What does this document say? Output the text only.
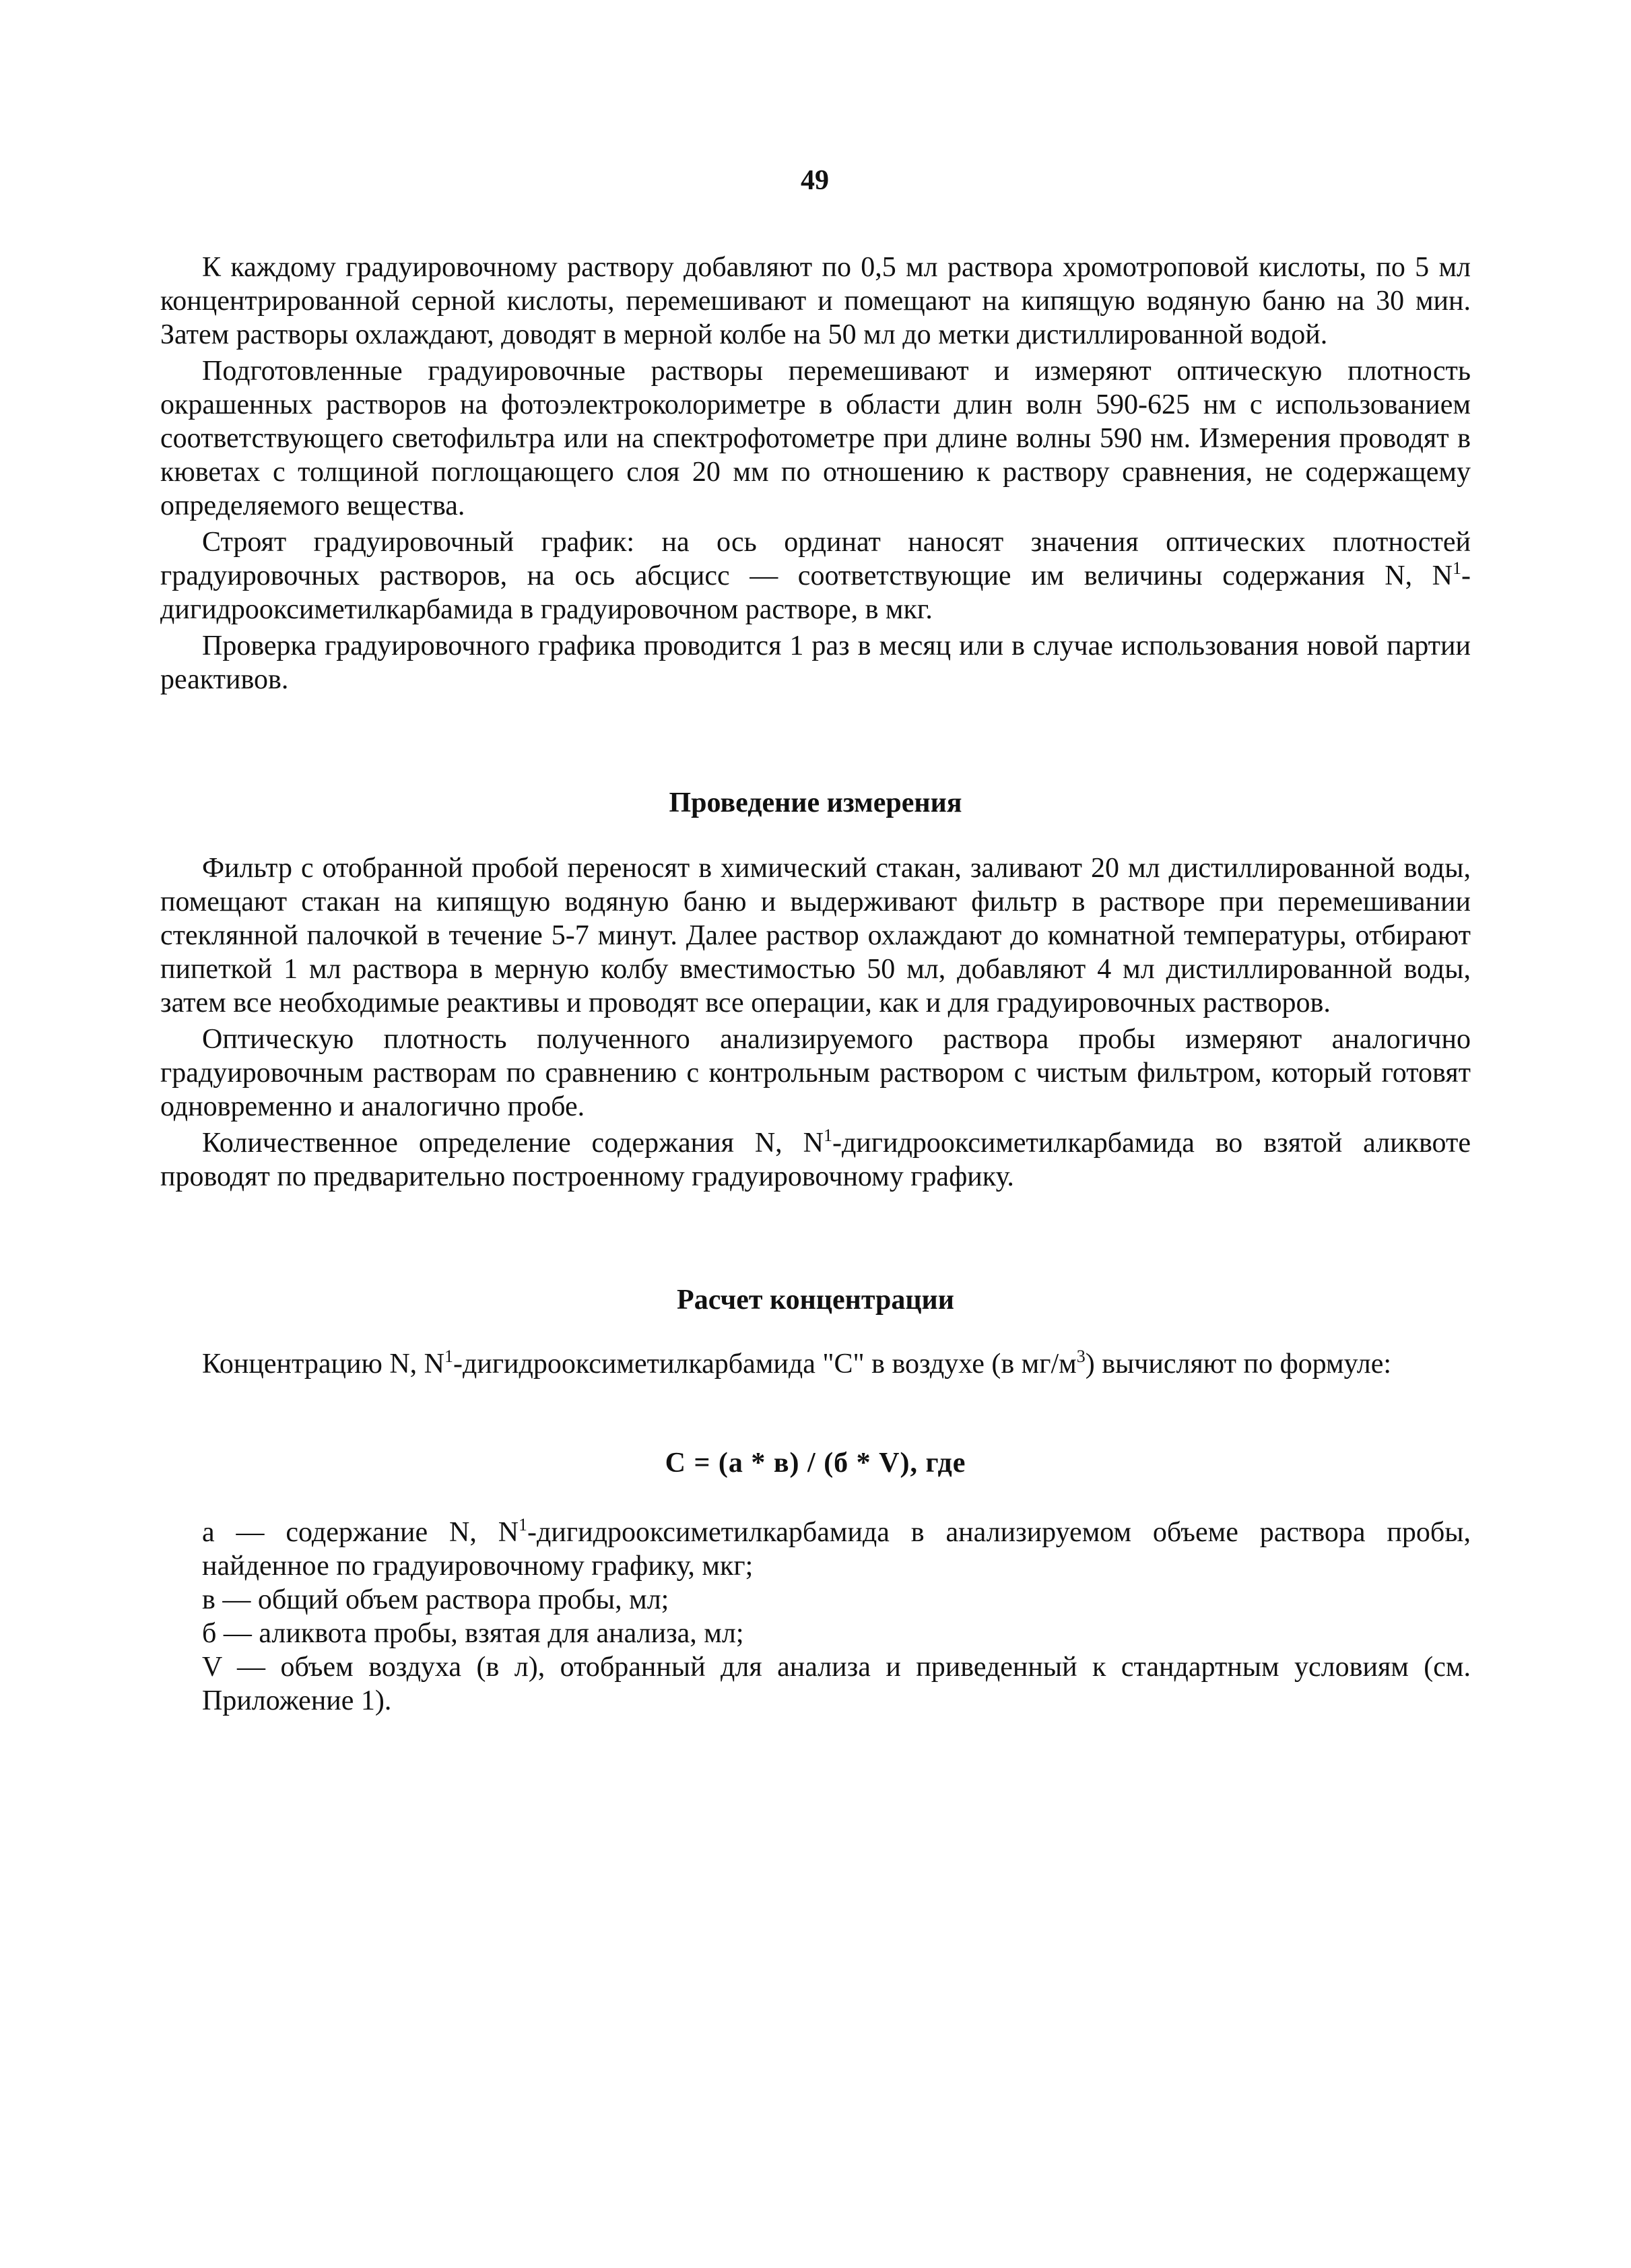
49

К каждому градуировочному раствору добавляют по 0,5 мл раствора хромотроповой кислоты, по 5 мл концентрированной серной кислоты, перемешивают и помещают на кипящую водяную баню на 30 мин. Затем растворы охлаждают, доводят в мерной колбе на 50 мл до метки дистиллированной водой.

Подготовленные градуировочные растворы перемешивают и измеряют оптическую плотность окрашенных растворов на фотоэлектроколориметре в области длин волн 590-625 нм с использованием соответствующего светофильтра или на спектрофотометре при длине волны 590 нм. Измерения проводят в кюветах с толщиной поглощающего слоя 20 мм по отношению к раствору сравнения, не содержащему определяемого вещества.

Строят градуировочный график: на ось ординат наносят значения оптических плотностей градуировочных растворов, на ось абсцисс — соответствующие им величины содержания N, $N^1$-дигидрооксиметилкарбамида в градуировочном растворе, в мкг.

Проверка градуировочного графика проводится 1 раз в месяц или в случае использования новой партии реактивов.

Проведение измерения

Фильтр с отобранной пробой переносят в химический стакан, заливают 20 мл дистиллированной воды, помещают стакан на кипящую водяную баню и выдерживают фильтр в растворе при перемешивании стеклянной палочкой в течение 5-7 минут. Далее раствор охлаждают до комнатной температуры, отбирают пипеткой 1 мл раствора в мерную колбу вместимостью 50 мл, добавляют 4 мл дистиллированной воды, затем все необходимые реактивы и проводят все операции, как и для градуировочных растворов.

Оптическую плотность полученного анализируемого раствора пробы измеряют аналогично градуировочным растворам по сравнению с контрольным раствором с чистым фильтром, который готовят одновременно и аналогично пробе.

Количественное определение содержания N, $N^1$-дигидрооксиметилкарбамида во взятой аликвоте проводят по предварительно построенному градуировочному графику.

Расчет концентрации

Концентрацию N, $N^1$-дигидрооксиметилкарбамида "С" в воздухе (в $мг/м^3$) вычисляют по формуле:

С = (а * в) / (б * V), где

а — содержание N, $N^1$-дигидрооксиметилкарбамида в анализируемом объеме раствора пробы, найденное по градуировочному графику, мкг;

в — общий объем раствора пробы, мл;

б — аликвота пробы, взятая для анализа, мл;

V — объем воздуха (в л), отобранный для анализа и приведенный к стандартным условиям (см. Приложение 1).
